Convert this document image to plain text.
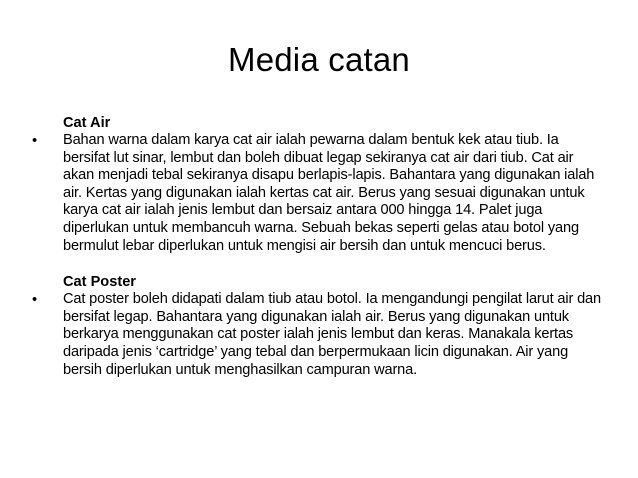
Media catan
Cat Air
•	Bahan warna dalam karya cat air ialah pewarna dalam bentuk kek atau tiub. Ia bersifat lut sinar, lembut dan boleh dibuat legap sekiranya cat air dari tiub. Cat air akan menjadi tebal sekiranya disapu berlapis-lapis. Bahantara yang digunakan ialah air. Kertas yang digunakan ialah kertas cat air. Berus yang sesuai digunakan untuk karya cat air ialah jenis lembut dan bersaiz antara 000 hingga 14. Palet juga diperlukan untuk membancuh warna. Sebuah bekas seperti gelas atau botol yang bermulut lebar diperlukan untuk mengisi air bersih dan untuk mencuci berus.
Cat Poster
•	Cat poster boleh didapati dalam tiub atau botol. Ia mengandungi pengilat larut air dan bersifat legap. Bahantara yang digunakan ialah air. Berus yang digunakan untuk berkarya menggunakan cat poster ialah jenis lembut dan keras. Manakala kertas daripada jenis ‘cartridge’ yang tebal dan berpermukaan licin digunakan. Air yang bersih diperlukan untuk menghasilkan campuran warna.
